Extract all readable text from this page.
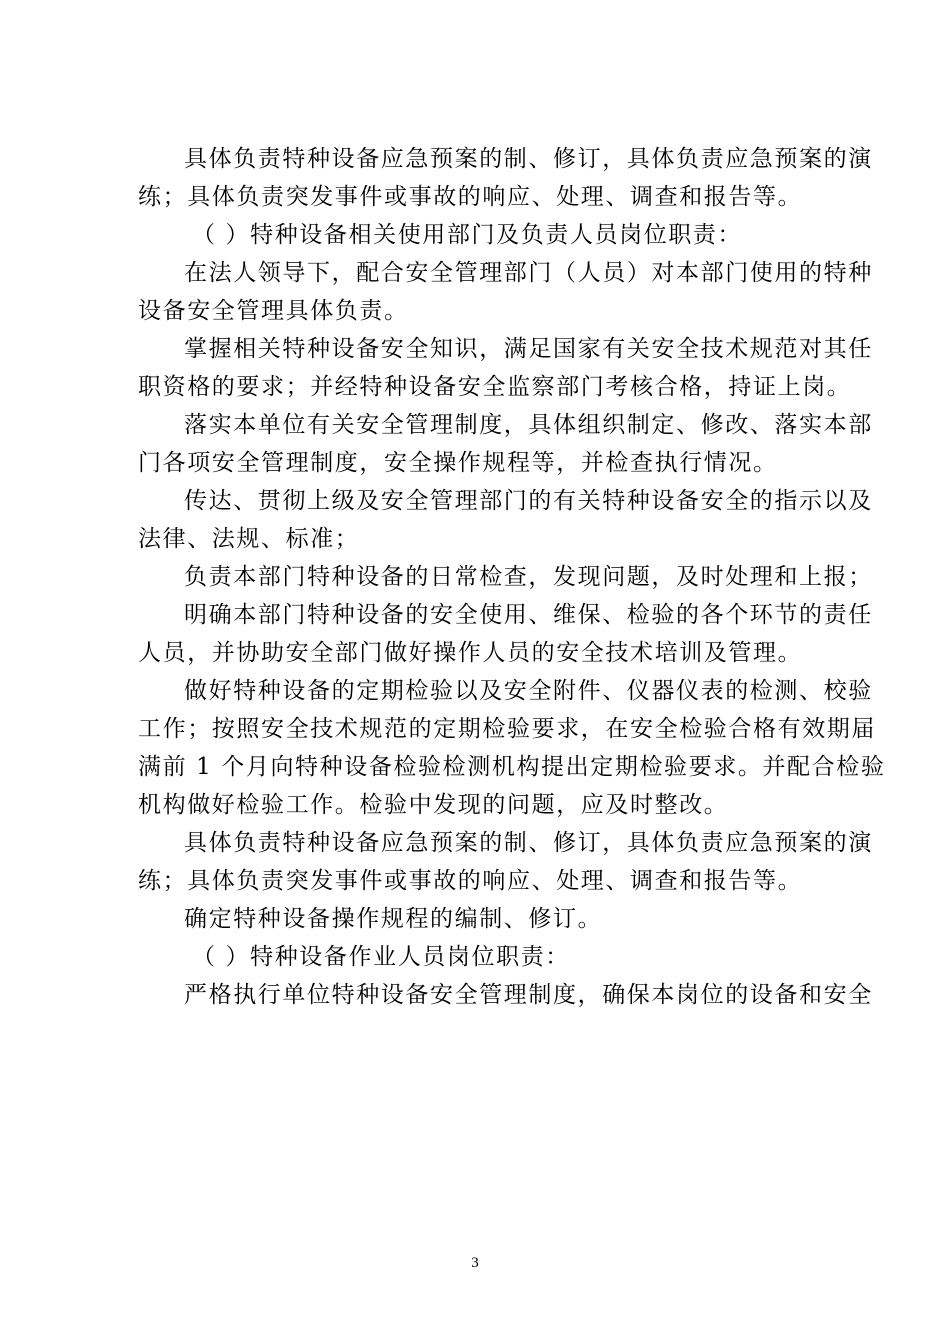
具体负责特种设备应急预案的制、修订，具体负责应急预案的演
练；具体负责突发事件或事故的响应、处理、调查和报告等。
（ ）特种设备相关使用部门及负责人员岗位职责：
在法人领导下，配合安全管理部门（人员）对本部门使用的特种
设备安全管理具体负责。
掌握相关特种设备安全知识，满足国家有关安全技术规范对其任
职资格的要求；并经特种设备安全监察部门考核合格，持证上岗。
落实本单位有关安全管理制度，具体组织制定、修改、落实本部
门各项安全管理制度，安全操作规程等，并检查执行情况。
传达、贯彻上级及安全管理部门的有关特种设备安全的指示以及
法律、法规、标准；
负责本部门特种设备的日常检查，发现问题，及时处理和上报；
明确本部门特种设备的安全使用、维保、检验的各个环节的责任
人员，并协助安全部门做好操作人员的安全技术培训及管理。
做好特种设备的定期检验以及安全附件、仪器仪表的检测、校验
工作；按照安全技术规范的定期检验要求，在安全检验合格有效期届
满前 1 个月向特种设备检验检测机构提出定期检验要求。并配合检验
机构做好检验工作。检验中发现的问题，应及时整改。
具体负责特种设备应急预案的制、修订，具体负责应急预案的演
练；具体负责突发事件或事故的响应、处理、调查和报告等。
确定特种设备操作规程的编制、修订。
（ ）特种设备作业人员岗位职责：
严格执行单位特种设备安全管理制度，确保本岗位的设备和安全
3
